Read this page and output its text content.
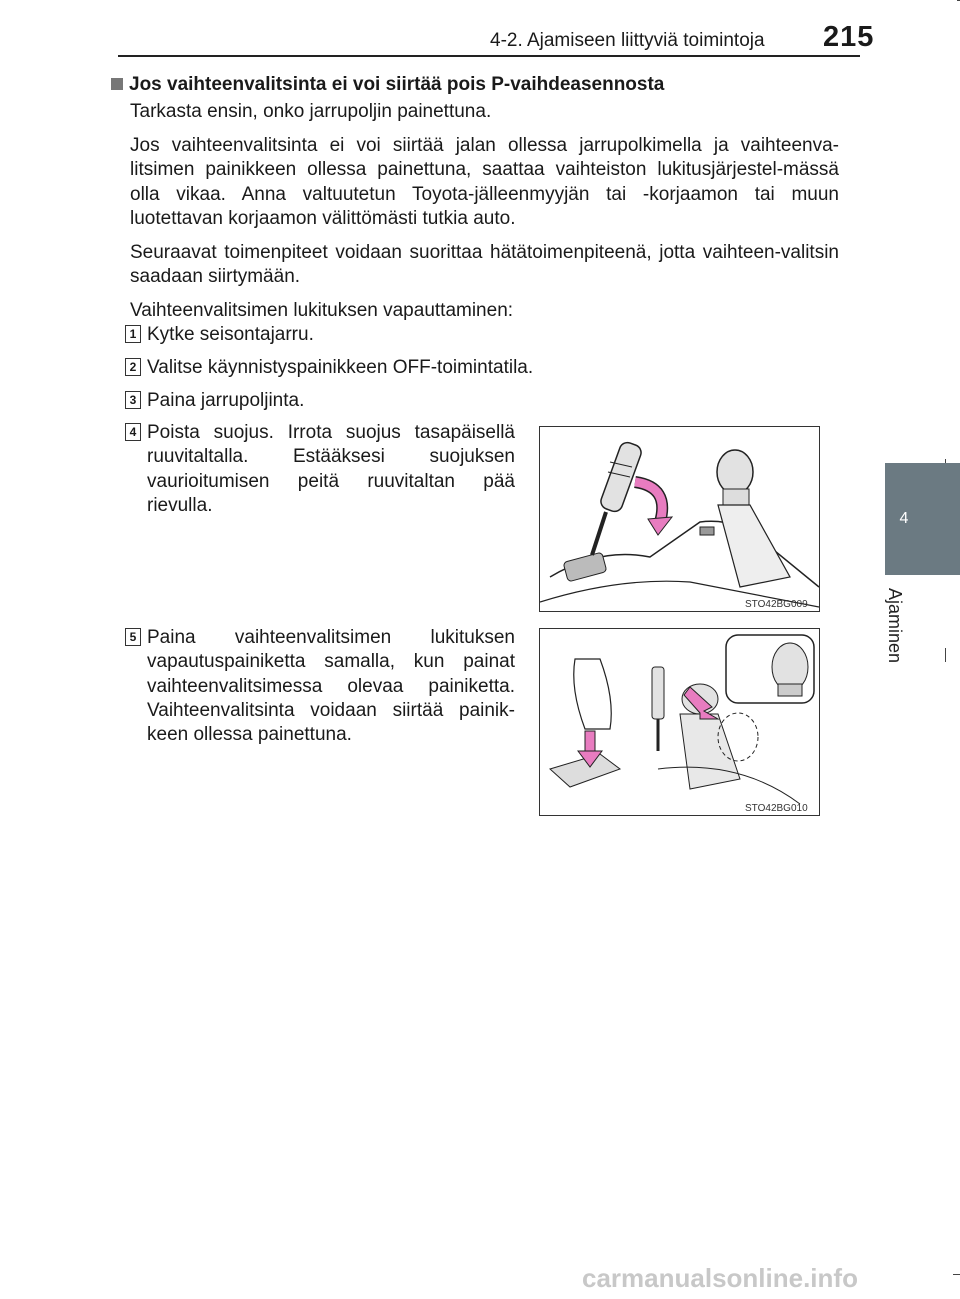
4-2. Ajamiseen liittyviä toimintoja 215
4
Ajaminen
Jos vaihteenvalitsinta ei voi siirtää pois P-vaihdeasennosta
Tarkasta ensin, onko jarrupoljin painettuna.
Jos vaihteenvalitsinta ei voi siirtää jalan ollessa jarrupolkimella ja vaihteenva-litsimen painikkeen ollessa painettuna, saattaa vaihteiston lukitusjärjestel-mässä olla vikaa. Anna valtuutetun Toyota-jälleenmyyjän tai -korjaamon tai muun luotettavan korjaamon välittömästi tutkia auto.
Seuraavat toimenpiteet voidaan suorittaa hätätoimenpiteenä, jotta vaihteen-valitsin saadaan siirtymään.
Vaihteenvalitsimen lukituksen vapauttaminen:
1 Kytke seisontajarru.
2 Valitse käynnistyspainikkeen OFF-toimintatila.
3 Paina jarrupoljinta.
4 Poista suojus. Irrota suojus tasapäisellä ruuvitaltalla. Estääksesi suojuksen vaurioitumisen peitä ruuvitaltan pää rievulla.
STO42BG009
5 Paina vaihteenvalitsimen lukituksen vapautuspainiketta samalla, kun painat vaihteenvalitsimessa olevaa painiketta. Vaihteenvalitsinta voidaan siirtää painik-keen ollessa painettuna.
STO42BG010
carmanualsonline.info
